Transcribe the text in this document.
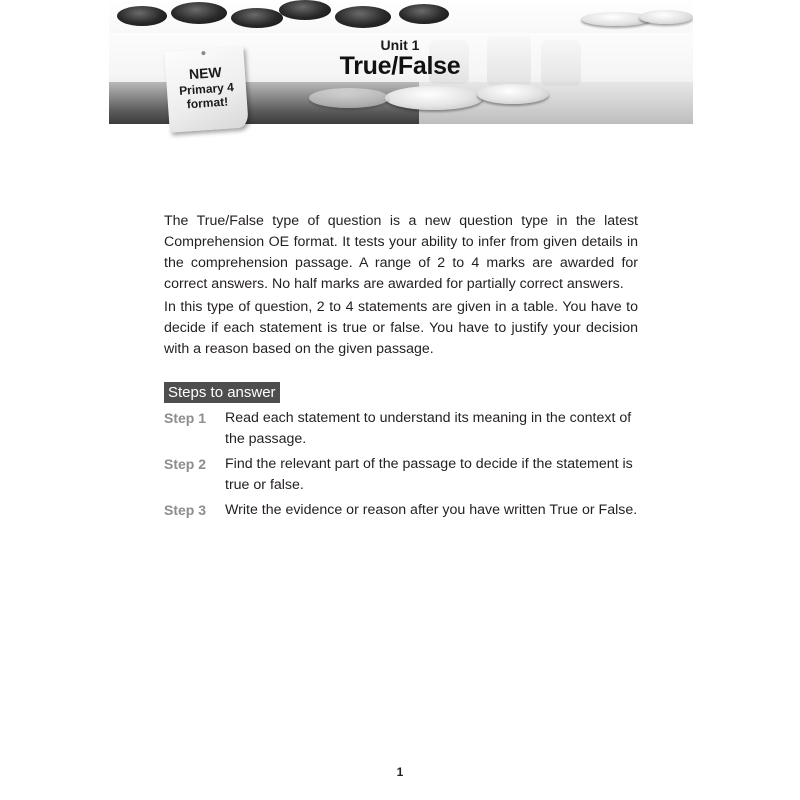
Unit 1
True/False
NEW
Primary 4
format!

The True/False type of question is a new question type in the latest Comprehension OE format. It tests your ability to infer from given details in the comprehension passage. A range of 2 to 4 marks are awarded for correct answers. No half marks are awarded for partially correct answers.

In this type of question, 2 to 4 statements are given in a table. You have to decide if each statement is true or false. You have to justify your decision with a reason based on the given passage.

Steps to answer
Step 1	Read each statement to understand its meaning in the context of the passage.
Step 2	Find the relevant part of the passage to decide if the statement is true or false.
Step 3	Write the evidence or reason after you have written True or False.
1
